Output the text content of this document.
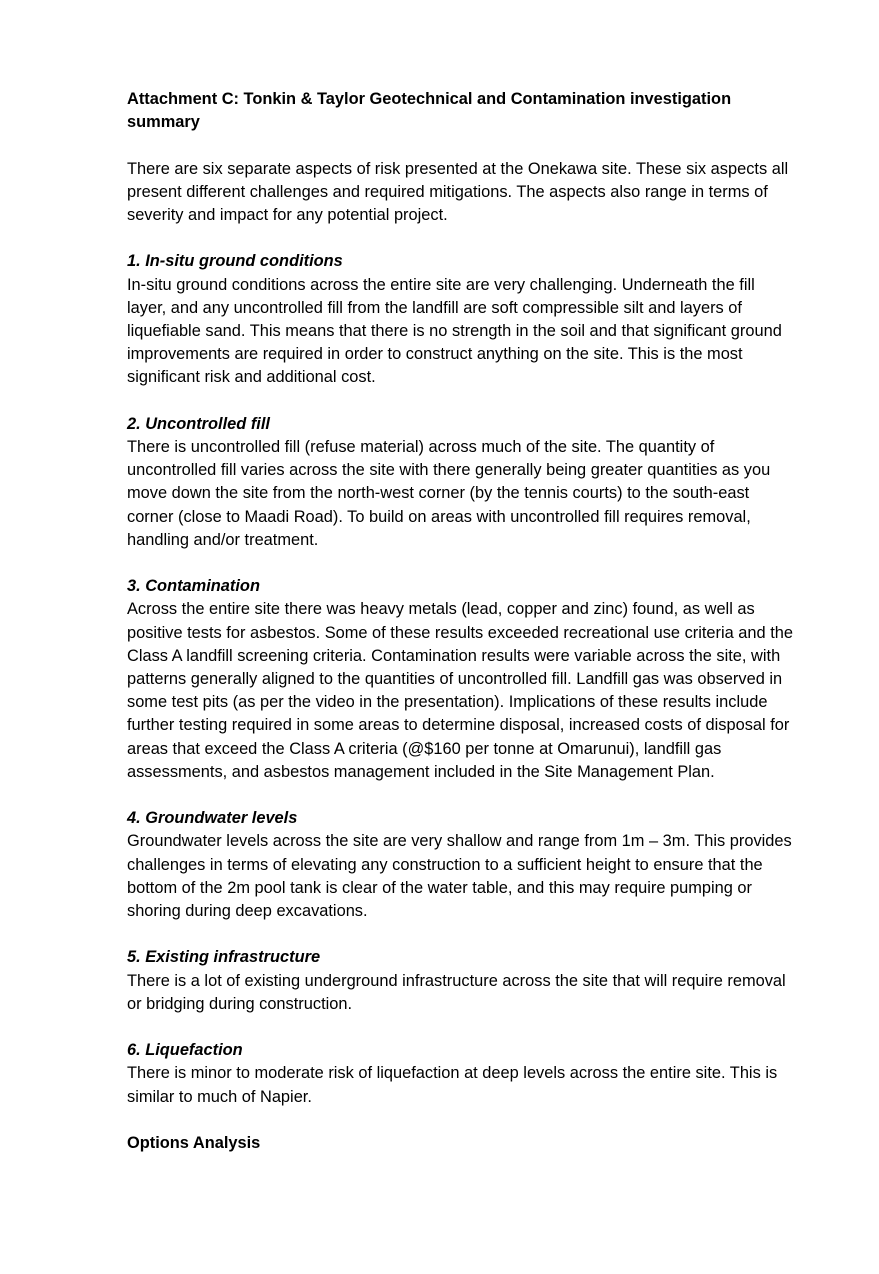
Attachment C: Tonkin & Taylor Geotechnical and Contamination investigation summary

There are six separate aspects of risk presented at the Onekawa site. These six aspects all present different challenges and required mitigations. The aspects also range in terms of severity and impact for any potential project.

1. In-situ ground conditions

In-situ ground conditions across the entire site are very challenging. Underneath the fill layer, and any uncontrolled fill from the landfill are soft compressible silt and layers of liquefiable sand. This means that there is no strength in the soil and that significant ground improvements are required in order to construct anything on the site. This is the most significant risk and additional cost.

2. Uncontrolled fill

There is uncontrolled fill (refuse material) across much of the site. The quantity of uncontrolled fill varies across the site with there generally being greater quantities as you move down the site from the north-west corner (by the tennis courts) to the south-east corner (close to Maadi Road). To build on areas with uncontrolled fill requires removal, handling and/or treatment.

3. Contamination

Across the entire site there was heavy metals (lead, copper and zinc) found, as well as positive tests for asbestos. Some of these results exceeded recreational use criteria and the Class A landfill screening criteria. Contamination results were variable across the site, with patterns generally aligned to the quantities of uncontrolled fill. Landfill gas was observed in some test pits (as per the video in the presentation). Implications of these results include further testing required in some areas to determine disposal, increased costs of disposal for areas that exceed the Class A criteria (@$160 per tonne at Omarunui), landfill gas assessments, and asbestos management included in the Site Management Plan.

4. Groundwater levels

Groundwater levels across the site are very shallow and range from 1m – 3m. This provides challenges in terms of elevating any construction to a sufficient height to ensure that the bottom of the 2m pool tank is clear of the water table, and this may require pumping or shoring during deep excavations.

5. Existing infrastructure

There is a lot of existing underground infrastructure across the site that will require removal or bridging during construction.

6. Liquefaction

There is minor to moderate risk of liquefaction at deep levels across the entire site. This is similar to much of Napier.

Options Analysis
